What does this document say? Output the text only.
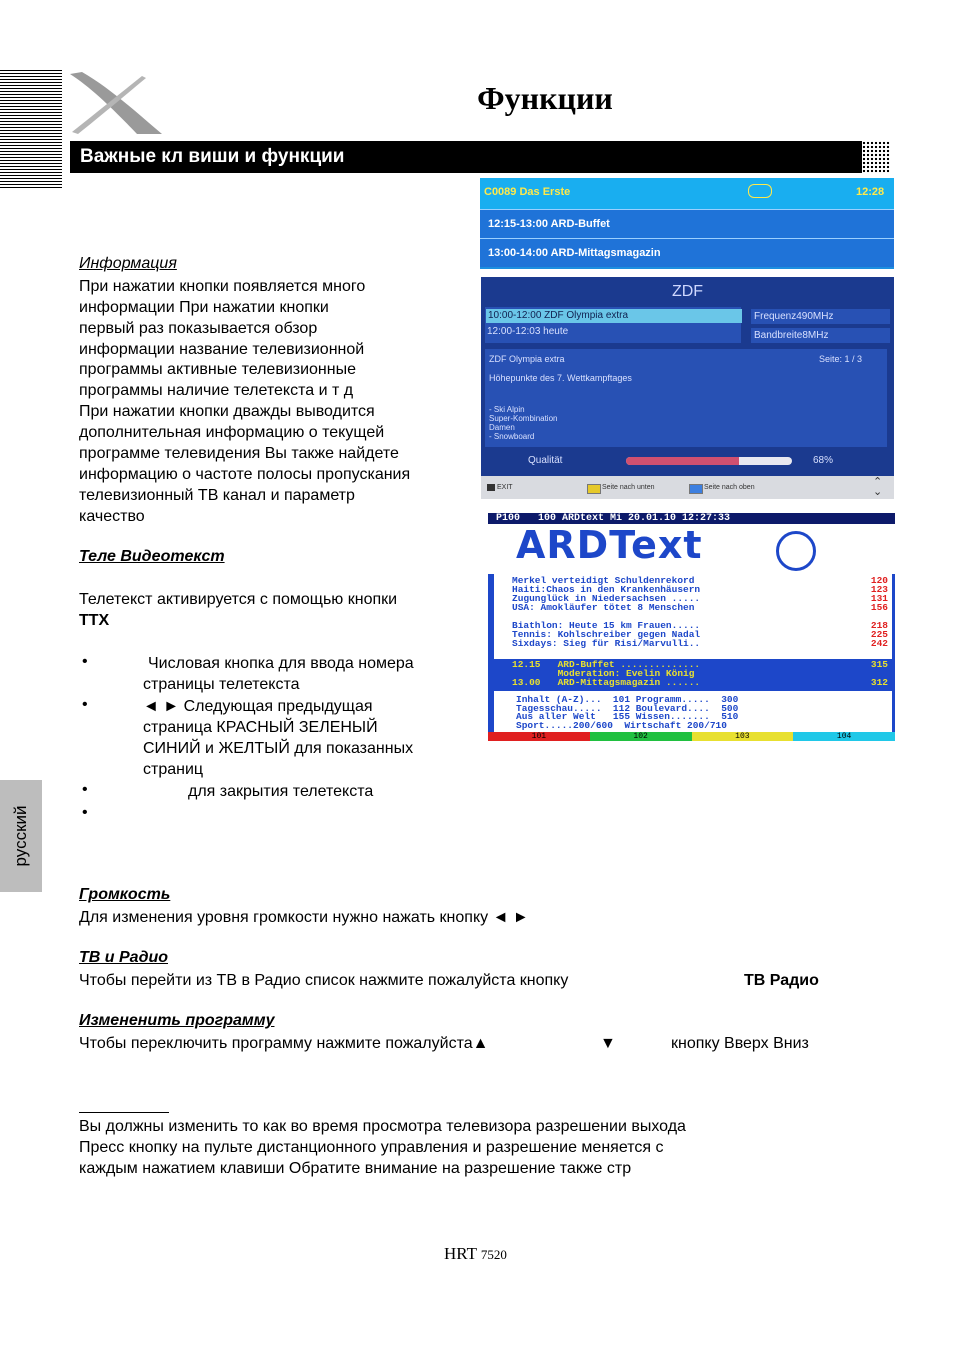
Функции
Важные кл виши и функции
русский
Информация
При нажатии кнопки появляется много
информации При нажатии кнопки
первый раз показывается обзор
информации название телевизионной
программы активные телевизионные
программы наличие телетекста и т д
При нажатии кнопки дважды выводится
дополнительная информацию о текущей
программе телевидения Вы также найдете
информацию о частоте полосы пропускания
телевизионный ТВ канал и параметр
качество
Теле Видеотекст
Телетекст активируется с помощью кнопки
TTX
•	Числовая кнопка для ввода номера
страницы телетекста
•	◄ ► Следующая предыдущая
страница КРАСНЫЙ ЗЕЛЕНЫЙ
СИНИЙ и ЖЕЛТЫЙ для показанных
страниц
•	для закрытия телетекста
•
Громкость
Для изменения уровня громкости нужно нажать кнопку ◄ ►
ТВ и Радио
Чтобы перейти из ТВ в Радио список нажмите пожалуйста кнопку	ТВ Радио
Измененить программу
Чтобы переключить программу нажмите пожалуйста▲	▼	кнопку Вверх Вниз
Вы должны изменить то как во время просмотра телевизора разрешении выхода
Пресс кнопку на пульте дистанционного управления и разрешение меняется с
каждым нажатием клавиши Обратите внимание на разрешение также стр
HRT 7520
C0089 Das Erste	12:28
12:15-13:00 ARD-Buffet
13:00-14:00 ARD-Mittagsmagazin
ZDF
10:00-12:00 ZDF Olympia extra
12:00-12:03 heute
Frequenz490MHz
Bandbreite8MHz
ZDF Olympia extra	Seite: 1 / 3
Höhepunkte des 7. Wettkampftages
- Ski Alpin
Super-Kombination
Damen
- Snowboard
Qualität	68%
EXIT	Seite nach unten	Seite nach oben	⌃
⌄
P100   100 ARDtext Mi 20.01.10 12:27:33
ARDText
Merkel verteidigt Schuldenrekord	120
Haiti:Chaos in den Krankenhäusern	123
Zugunglück in Niedersachsen .....	131
USA: Amokläufer tötet 8 Menschen	156
Biathlon: Heute 15 km Frauen.....	218
Tennis: Kohlschreiber gegen Nadal	225
Sixdays: Sieg für Risi/Marvulli..	242
12.15   ARD-Buffet ..............	315
Moderation: Evelin König
13.00   ARD-Mittagsmagazin ......	312
Inhalt (A-Z)...  101 Programm.....  300
Tagesschau.....  112 Boulevard....  500
Aus aller Welt   155 Wissen.......  510
Sport.....200/600  Wirtschaft 200/710
101	102	103	104
